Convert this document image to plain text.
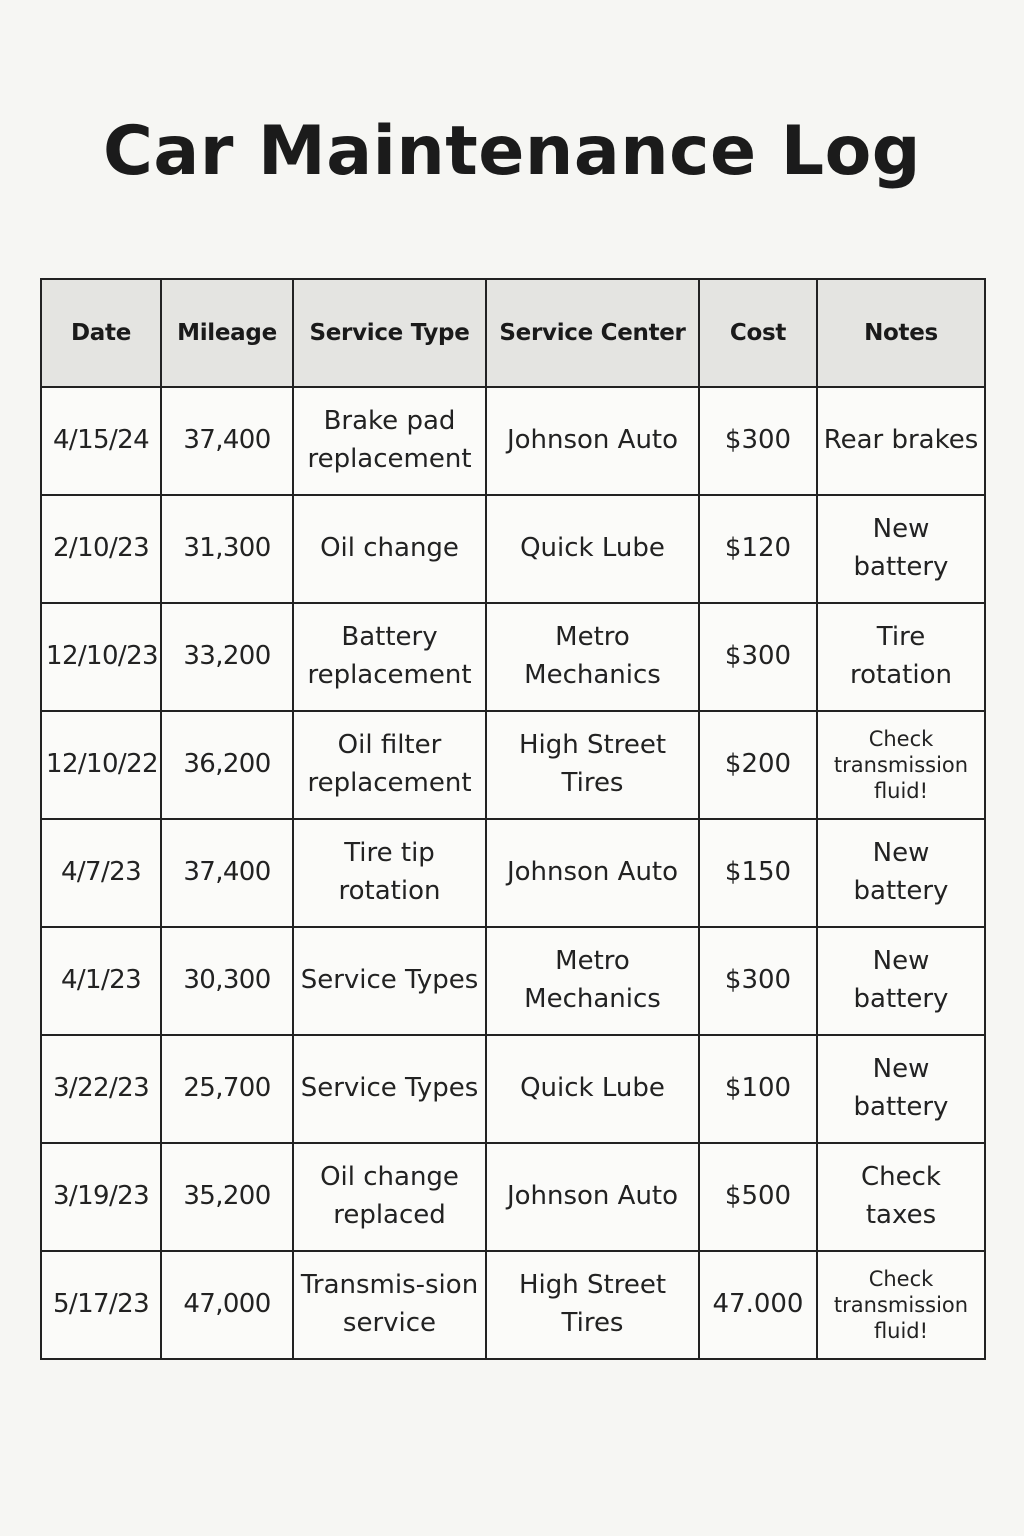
Car Maintenance Log
Date	Mileage	Service Type	Service Center	Cost	Notes
4/15/24	37,400	Brake pad replacement	Johnson Auto	$300	Rear brakes
2/10/23	31,300	Oil change	Quick Lube	$120	New battery
12/10/23	33,200	Battery replacement	Metro Mechanics	$300	Tire rotation
12/10/22	36,200	Oil filter replacement	High Street Tires	$200	Check transmission fluid!
4/7/23	37,400	Tire tip rotation	Johnson Auto	$150	New battery
4/1/23	30,300	Service Types	Metro Mechanics	$300	New battery
3/22/23	25,700	Service Types	Quick Lube	$100	New battery
3/19/23	35,200	Oil change replaced	Johnson Auto	$500	Check taxes
5/17/23	47,000	Transmis-sion service	High Street Tires	47.000	Check transmission fluid!
